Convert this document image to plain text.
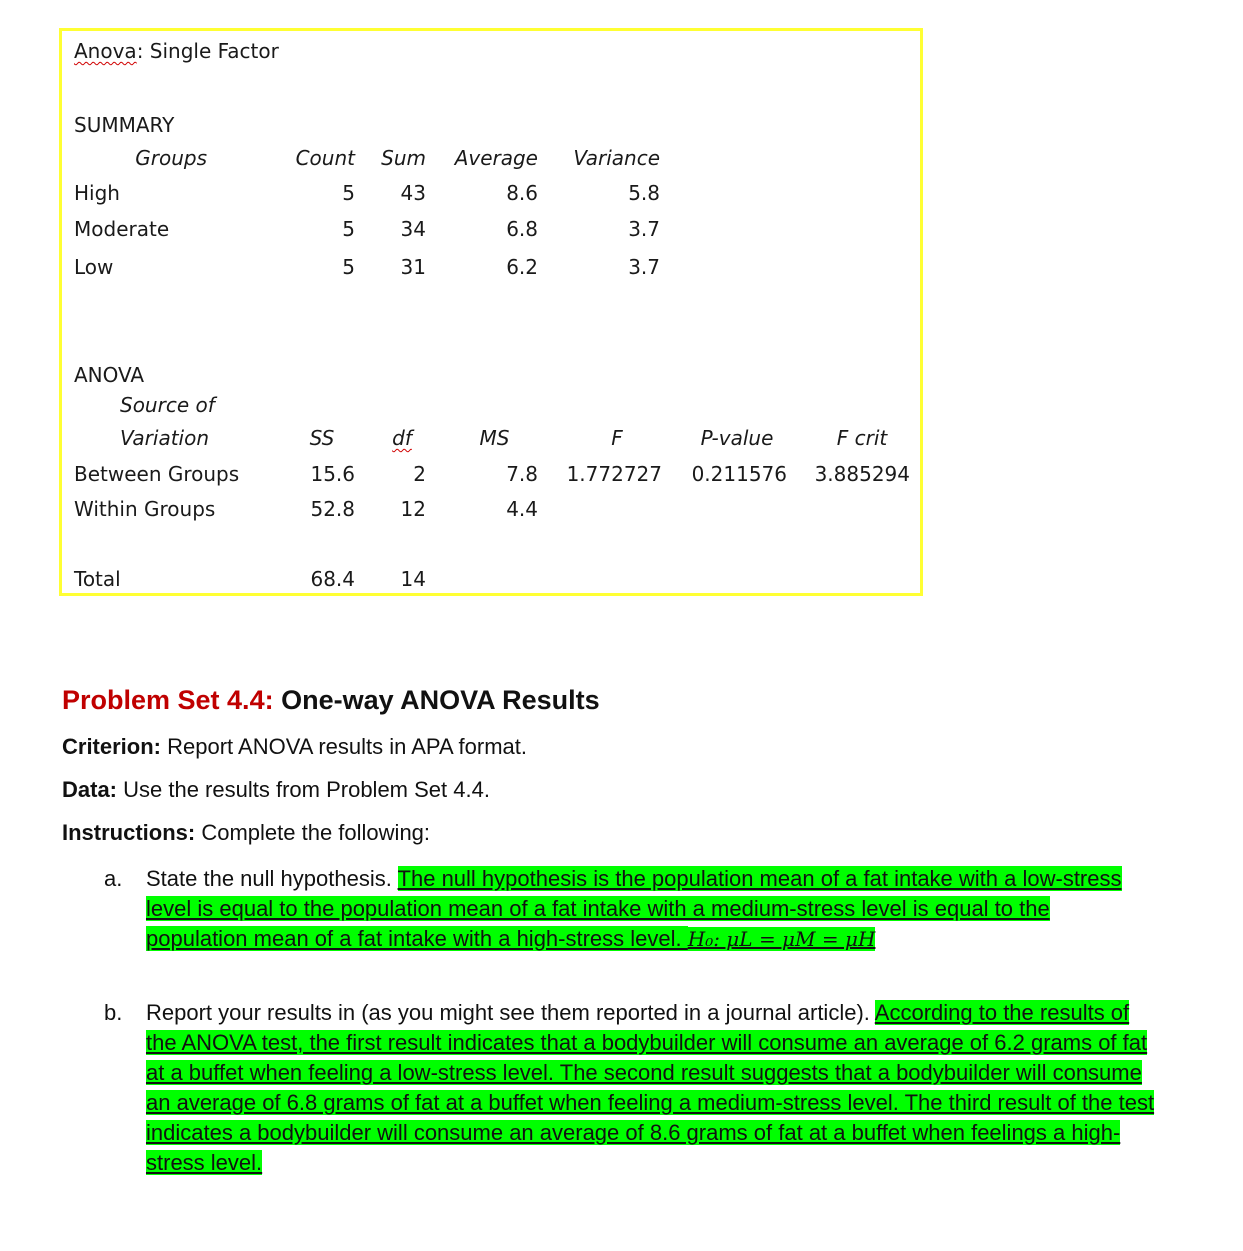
Anova: Single Factor
SUMMARY
Groups	Count	Sum	Average	Variance
High	5	43	8.6	5.8
Moderate	5	34	6.8	3.7
Low	5	31	6.2	3.7
ANOVA
Source of
Variation	SS	df	MS	F	P-value	F crit
Between Groups	15.6	2	7.8	1.772727	0.211576	3.885294
Within Groups	52.8	12	4.4
Total	68.4	14
Problem Set 4.4: One-way ANOVA Results
Criterion: Report ANOVA results in APA format.
Data: Use the results from Problem Set 4.4.
Instructions: Complete the following:
a. State the null hypothesis. The null hypothesis is the population mean of a fat intake with a low-stress level is equal to the population mean of a fat intake with a medium-stress level is equal to the population mean of a fat intake with a high-stress level. H₀: μL = μM = μH
b. Report your results in (as you might see them reported in a journal article). According to the results of the ANOVA test, the first result indicates that a bodybuilder will consume an average of 6.2 grams of fat at a buffet when feeling a low-stress level. The second result suggests that a bodybuilder will consume an average of 6.8 grams of fat at a buffet when feeling a medium-stress level. The third result of the test indicates a bodybuilder will consume an average of 8.6 grams of fat at a buffet when feelings a high-stress level.
